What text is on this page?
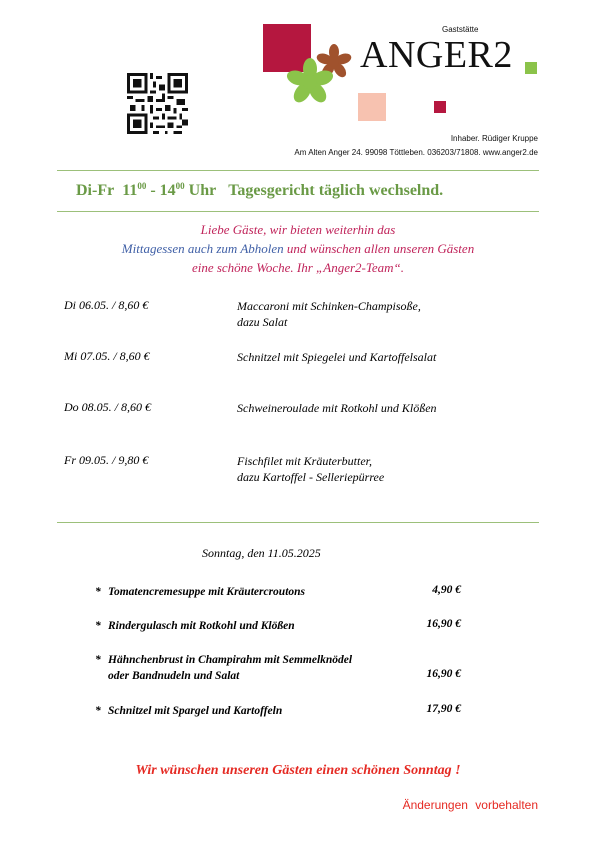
Gaststätte
ANGER2
Inhaber. Rüdiger Kruppe
Am Alten Anger 24. 99098 Töttleben. 036203/71808. www.anger2.de
Di-Fr $11^{00} - 14^{00}$ Uhr Tagesgericht täglich wechselnd.
Liebe Gäste, wir bieten weiterhin das
Mittagessen auch zum Abholen und wünschen allen unseren Gästen
eine schöne Woche. Ihr „Anger2-Team“.
Di 06.05. / 8,60 €	Maccaroni mit Schinken-Champisoße,
dazu Salat
Mi 07.05. / 8,60 €	Schnitzel mit Spiegelei und Kartoffelsalat
Do 08.05. / 8,60 €	Schweineroulade mit Rotkohl und Klößen
Fr 09.05. / 9,80 €	Fischfilet mit Kräuterbutter,
dazu Kartoffel - Selleriepürree
Sonntag, den 11.05.2025
* Tomatencremesuppe mit Kräutercroutons	4,90 €
* Rindergulasch mit Rotkohl und Klößen	16,90 €
* Hähnchenbrust in Champirahm mit Semmelknödel
oder Bandnudeln und Salat	16,90 €
* Schnitzel mit Spargel und Kartoffeln	17,90 €
Wir wünschen unseren Gästen einen schönen Sonntag !
Änderungen vorbehalten
